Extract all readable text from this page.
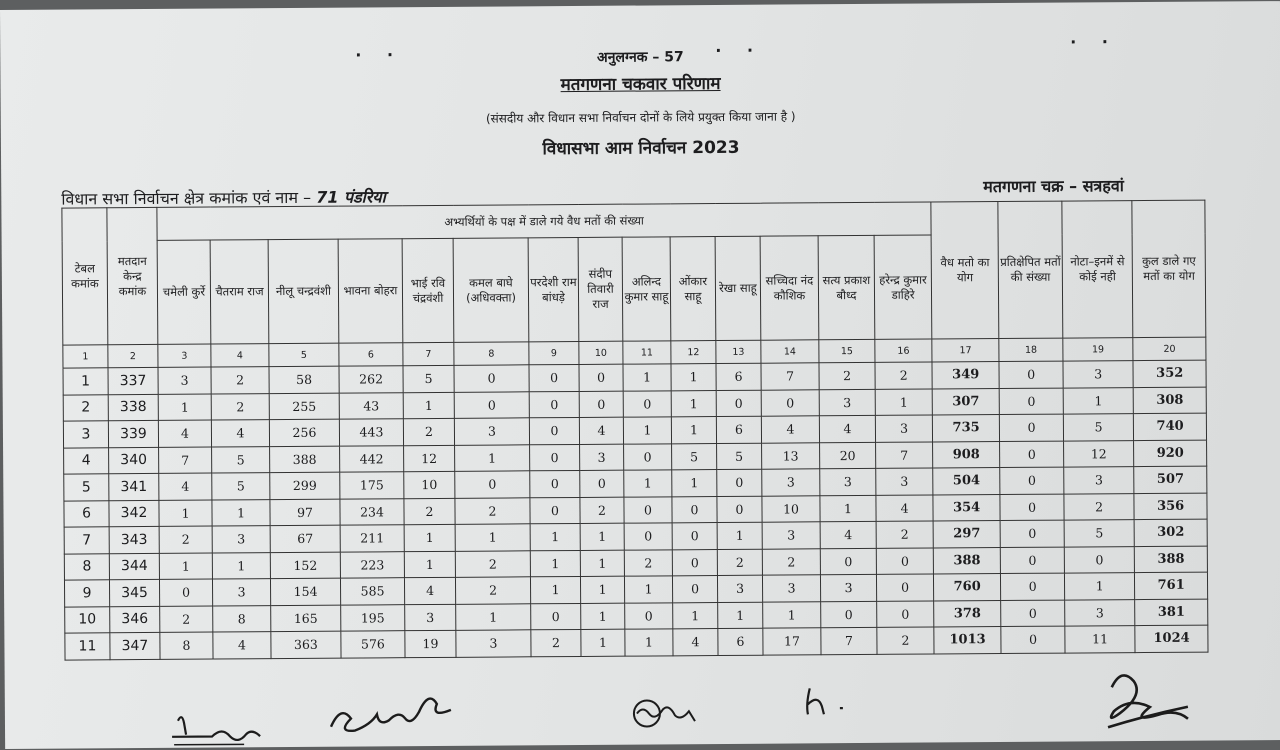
· ·	· ·	· ·
अनुलग्नक – 57
मतगणना चकवार परिणाम
(संसदीय और विधान सभा निर्वाचन दोनों के लिये प्रयुक्त किया जाना है )
विधासभा आम निर्वाचन 2023
विधान सभा निर्वाचन क्षेत्र कमांक एवं नाम – 71 पंडरिया
मतगणना चक्र – सत्रहवां
टेबल कमांक	मतदान केन्द्र कमांक	अभ्यर्थियों के पक्ष में डाले गये वैध मतों की संख्या														वैध मतो का योग	प्रतिक्षेपित मतों की संख्या	नोटा–इनमें से कोई नही	कुल डाले गए मतों का योग
		चमेली कुर्रे	चैतराम राज	नीलू चन्द्रवंशी	भावना बोहरा	भाई रवि चंद्रवंशी	कमल बाघे (अधिवक्ता)	परदेशी राम बांधड़े	संदीप तिवारी राज	अलिन्द कुमार साहू	ओंकार साहू	रेखा साहू	सच्चिदा नंद कौशिक	सत्य प्रकाश बौध्द	हरेन्द्र कुमार डाहिरे				
1	2	3	4	5	6	7	8	9	10	11	12	13	14	15	16	17	18	19	20
1	337	3	2	58	262	5	0	0	0	1	1	6	7	2	2	349	0	3	352
2	338	1	2	255	43	1	0	0	0	0	1	0	0	3	1	307	0	1	308
3	339	4	4	256	443	2	3	0	4	1	1	6	4	4	3	735	0	5	740
4	340	7	5	388	442	12	1	0	3	0	5	5	13	20	7	908	0	12	920
5	341	4	5	299	175	10	0	0	0	1	1	0	3	3	3	504	0	3	507
6	342	1	1	97	234	2	2	0	2	0	0	0	10	1	4	354	0	2	356
7	343	2	3	67	211	1	1	1	1	0	0	1	3	4	2	297	0	5	302
8	344	1	1	152	223	1	2	1	1	2	0	2	2	0	0	388	0	0	388
9	345	0	3	154	585	4	2	1	1	1	0	3	3	3	0	760	0	1	761
10	346	2	8	165	195	3	1	0	1	0	1	1	1	0	0	378	0	3	381
11	347	8	4	363	576	19	3	2	1	1	4	6	17	7	2	1013	0	11	1024
